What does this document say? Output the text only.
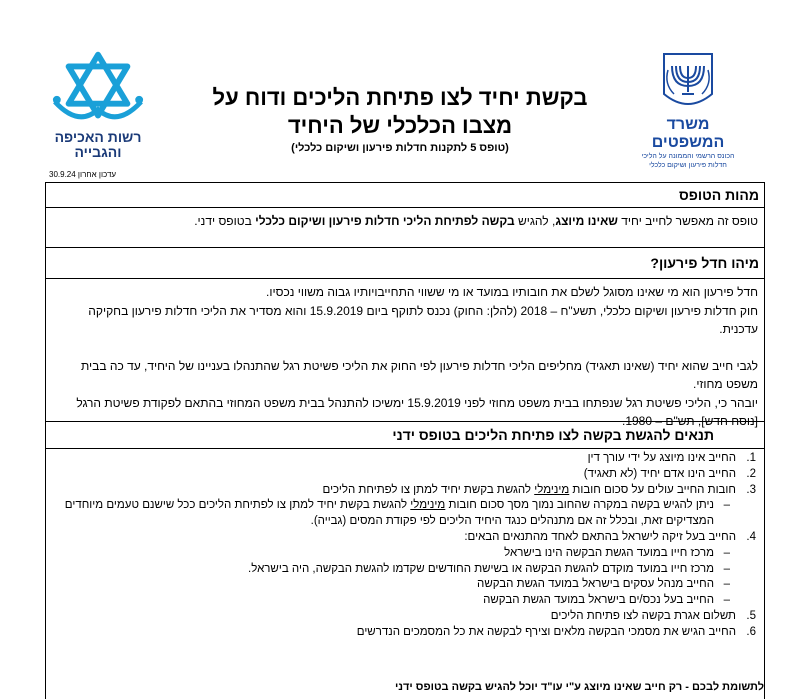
רשות האכיפה
והגבייה
בקשת יחיד לצו פתיחת הליכים ודוח על
מצבו הכלכלי של היחיד
(טופס 5 לתקנות חדלות פירעון ושיקום כלכלי)
משרד המשפטים
הכונס הרשמי והממונה על הליכי
חדלות פירעון ושיקום כלכלי
עדכון אחרון 30.9.24
מהות הטופס
טופס זה מאפשר לחייב יחיד שאינו מיוצג, להגיש בקשה לפתיחת הליכי חדלות פירעון ושיקום כלכלי בטופס ידני.
מיהו חדל פירעון?
חדל פירעון הוא מי שאינו מסוגל לשלם את חובותיו במועד או מי ששווי התחייבויותיו גבוה משווי נכסיו.
חוק חדלות פירעון ושיקום כלכלי, תשע"ח – 2018 (להלן: החוק) נכנס לתוקף ביום 15.9.2019 והוא מסדיר את הליכי חדלות פירעון בחקיקה עדכנית.
לגבי חייב שהוא יחיד (שאינו תאגיד) מחליפים הליכי חדלות פירעון לפי החוק את הליכי פשיטת רגל שהתנהלו בעניינו של היחיד, עד כה בבית משפט מחוזי.
יובהר כי, הליכי פשיטת רגל שנפתחו בבית משפט מחוזי לפני 15.9.2019 ימשיכו להתנהל בבית משפט המחוזי בהתאם לפקודת פשיטת הרגל [נוסח חדש], תש"ם – 1980.
תנאים להגשת בקשה לצו פתיחת הליכים בטופס ידני
1.
החייב אינו מיוצג על ידי עורך דין
2.
החייב הינו אדם יחיד (לא תאגיד)
3.
חובות החייב עולים על סכום חובות מינימלי להגשת בקשת יחיד למתן צו לפתיחת הליכים
–
ניתן להגיש בקשה במקרה שהחוב נמוך מסך סכום חובות מינימלי להגשת בקשת יחיד למתן צו לפתיחת הליכים ככל שישנם טעמים מיוחדים המצדיקים זאת, ובכלל זה אם מתנהלים כנגד היחיד הליכים לפי פקודת המסים (גבייה).
4.
החייב בעל זיקה לישראל בהתאם לאחד מהתנאים הבאים:
–
מרכז חייו במועד הגשת הבקשה הינו בישראל
–
מרכז חייו במועד מוקדם להגשת הבקשה או בשישת החודשים שקדמו להגשת הבקשה, היה בישראל.
–
החייב מנהל עסקים בישראל במועד הגשת הבקשה
–
החייב בעל נכס/ים בישראל במועד הגשת הבקשה
5.
תשלום אגרת בקשה לצו פתיחת הליכים
6.
החייב הגיש את מסמכי הבקשה מלאים וצירף לבקשה את כל המסמכים הנדרשים
לתשומת לבכם - רק חייב שאינו מיוצג ע"י עו"ד יוכל להגיש בקשה בטופס ידני
